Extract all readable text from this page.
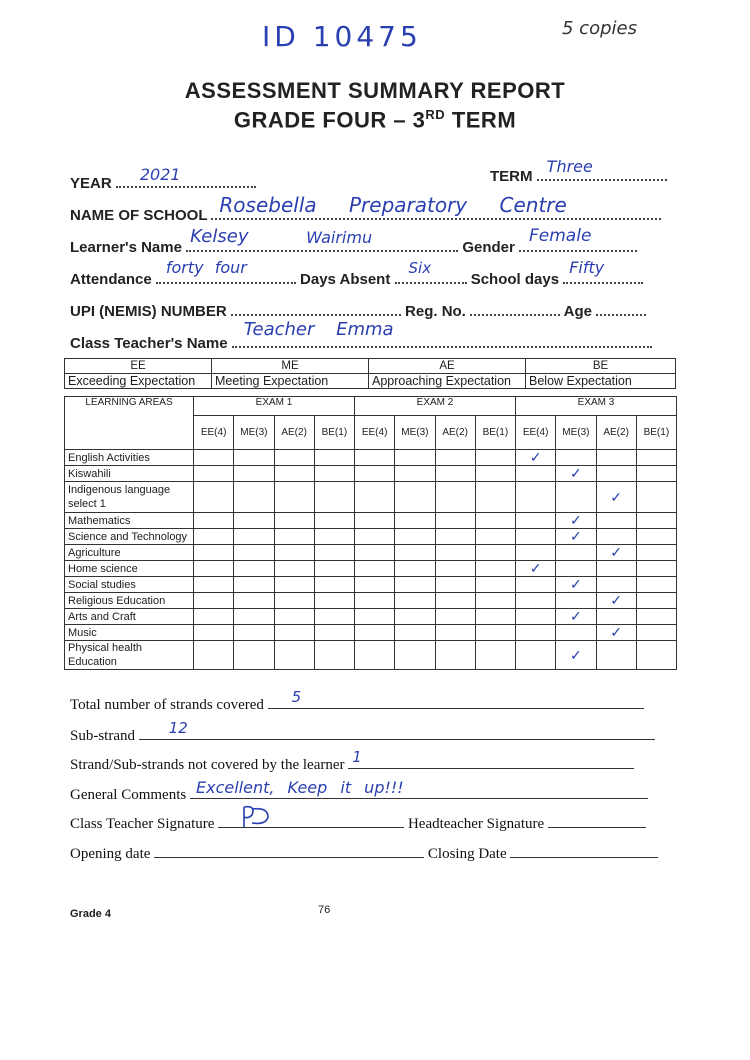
ID 10475	5 copies
ASSESSMENT SUMMARY REPORT
GRADE FOUR – 3RD TERM
YEAR 2021	TERM
Three
NAME OF SCHOOL Rosebella Preparatory Centre
Learner's Name
Kelsey	Wairimu
Gender
Female
Attendance
forty four
Days Absent
Six
School days
Fifty
UPI (NEMIS) NUMBER	Reg. No.	Age
Class Teacher's Name
Teacher Emma
EE	ME	AE	BE
Exceeding Expectation	Meeting Expectation	Approaching Expectation	Below Expectation
LEARNING AREAS	EXAM 1				EXAM 2				EXAM 3			
	EE(4)	ME(3)	AE(2)	BE(1)	EE(4)	ME(3)	AE(2)	BE(1)	EE(4)	ME(3)	AE(2)	BE(1)
English Activities									✓			
Kiswahili										✓		
Indigenous language select 1											✓	
Mathematics										✓		
Science and Technology										✓		
Agriculture											✓	
Home science									✓			
Social studies										✓		
Religious Education											✓	
Arts and Craft										✓		
Music											✓	
Physical health Education										✓		
Total number of strands covered 5
Sub-strand 12
Strand/Sub-strands not covered by the learner 1
General Comments Excellent, Keep it up!!!
Class Teacher Signature	Headteacher Signature
Opening date	Closing Date
Grade 4	76
